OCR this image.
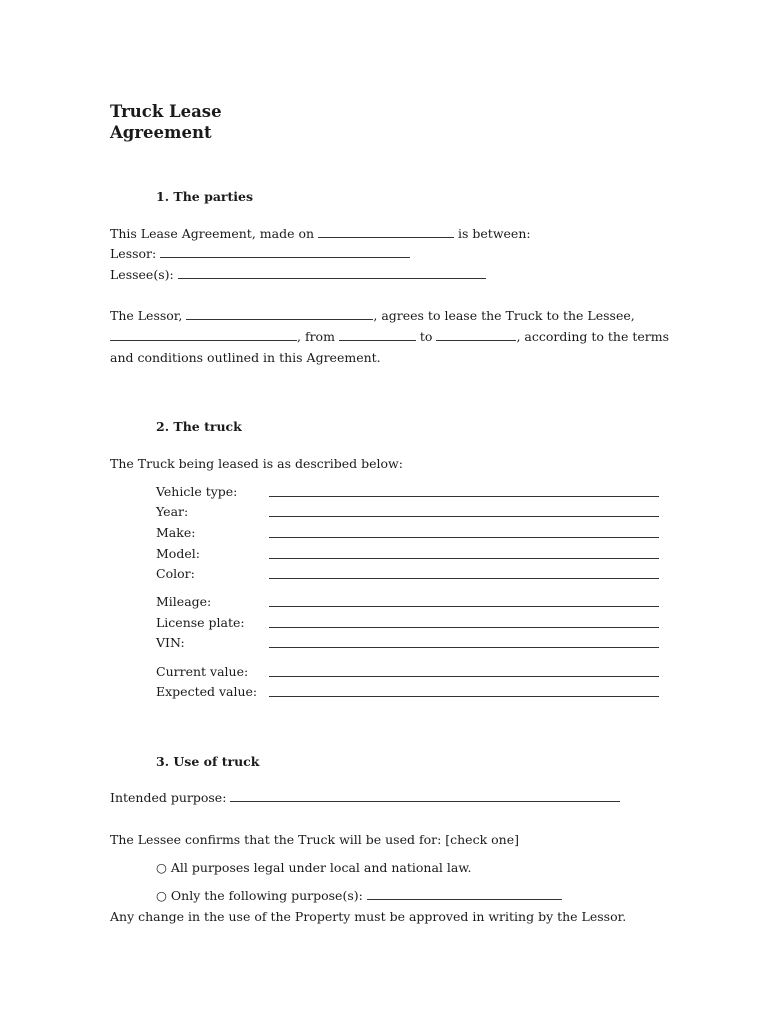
Truck Lease
Agreement
1. The parties
This Lease Agreement, made on	is between:
Lessor:
Lessee(s):
The Lessor,	, agrees to lease the Truck to the Lessee,
, from	to	, according to the terms
and conditions outlined in this Agreement.
2. The truck
The Truck being leased is as described below:
Vehicle type:
Year:
Make:
Model:
Color:
Mileage:
License plate:
VIN:
Current value:
Expected value:
3. Use of truck
Intended purpose:
The Lessee confirms that the Truck will be used for: [check one]
○ All purposes legal under local and national law.
○ Only the following purpose(s):
Any change in the use of the Property must be approved in writing by the Lessor.
